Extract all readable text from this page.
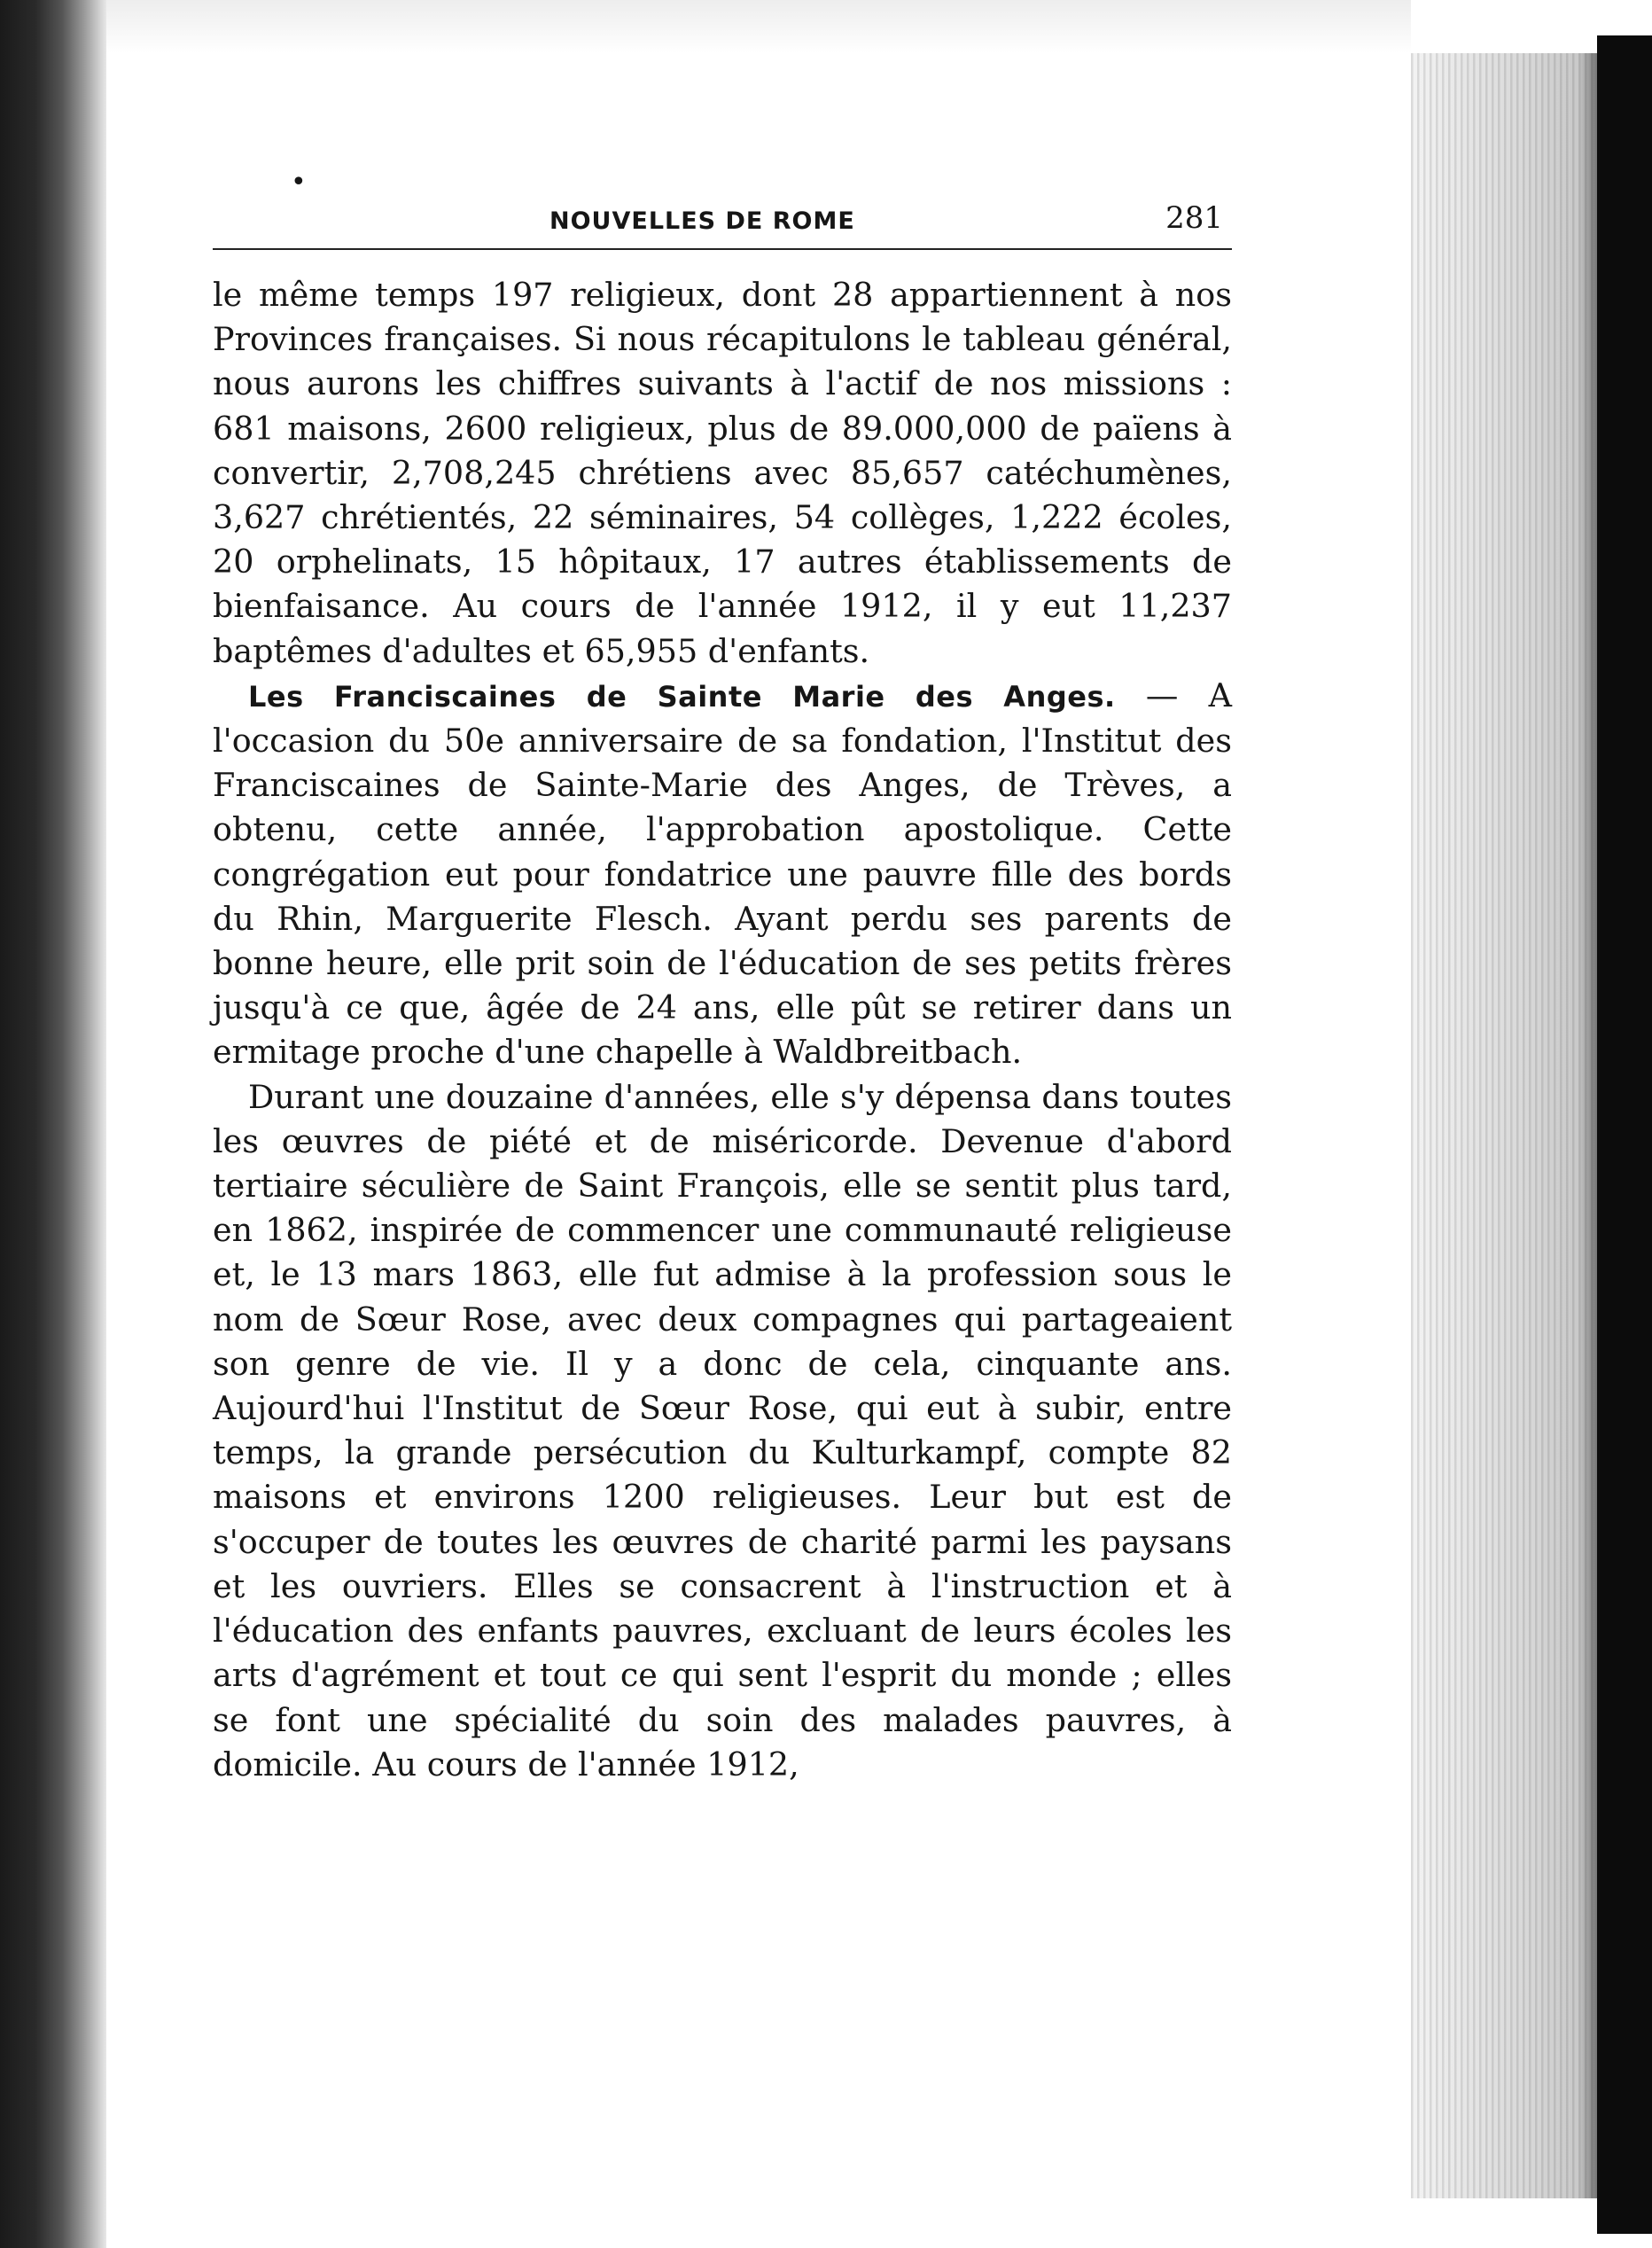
•
NOUVELLES DE ROME	281

le même temps 197 religieux, dont 28 appartiennent à nos Provinces françaises. Si nous récapitulons le tableau général, nous aurons les chiffres suivants à l'actif de nos missions : 681 maisons, 2600 religieux, plus de 89.000,000 de païens à convertir, 2,708,245 chrétiens avec 85,657 catéchumènes, 3,627 chrétientés, 22 séminaires, 54 collèges, 1,222 écoles, 20 orphelinats, 15 hôpitaux, 17 autres établissements de bienfaisance. Au cours de l'année 1912, il y eut 11,237 baptêmes d'adultes et 65,955 d'enfants.

Les Franciscaines de Sainte Marie des Anges. — A l'occasion du 50e anniversaire de sa fondation, l'Institut des Franciscaines de Sainte-Marie des Anges, de Trèves, a obtenu, cette année, l'approbation apostolique. Cette congrégation eut pour fondatrice une pauvre fille des bords du Rhin, Marguerite Flesch. Ayant perdu ses parents de bonne heure, elle prit soin de l'éducation de ses petits frères jusqu'à ce que, âgée de 24 ans, elle pût se retirer dans un ermitage proche d'une chapelle à Waldbreitbach.

Durant une douzaine d'années, elle s'y dépensa dans toutes les œuvres de piété et de miséricorde. Devenue d'abord tertiaire séculière de Saint François, elle se sentit plus tard, en 1862, inspirée de commencer une communauté religieuse et, le 13 mars 1863, elle fut admise à la profession sous le nom de Sœur Rose, avec deux compagnes qui partageaient son genre de vie. Il y a donc de cela, cinquante ans. Aujourd'hui l'Institut de Sœur Rose, qui eut à subir, entre temps, la grande persécution du Kulturkampf, compte 82 maisons et environs 1200 religieuses. Leur but est de s'occuper de toutes les œuvres de charité parmi les paysans et les ouvriers. Elles se consacrent à l'instruction et à l'éducation des enfants pauvres, excluant de leurs écoles les arts d'agrément et tout ce qui sent l'esprit du monde ; elles se font une spécialité du soin des malades pauvres, à domicile. Au cours de l'année 1912,
